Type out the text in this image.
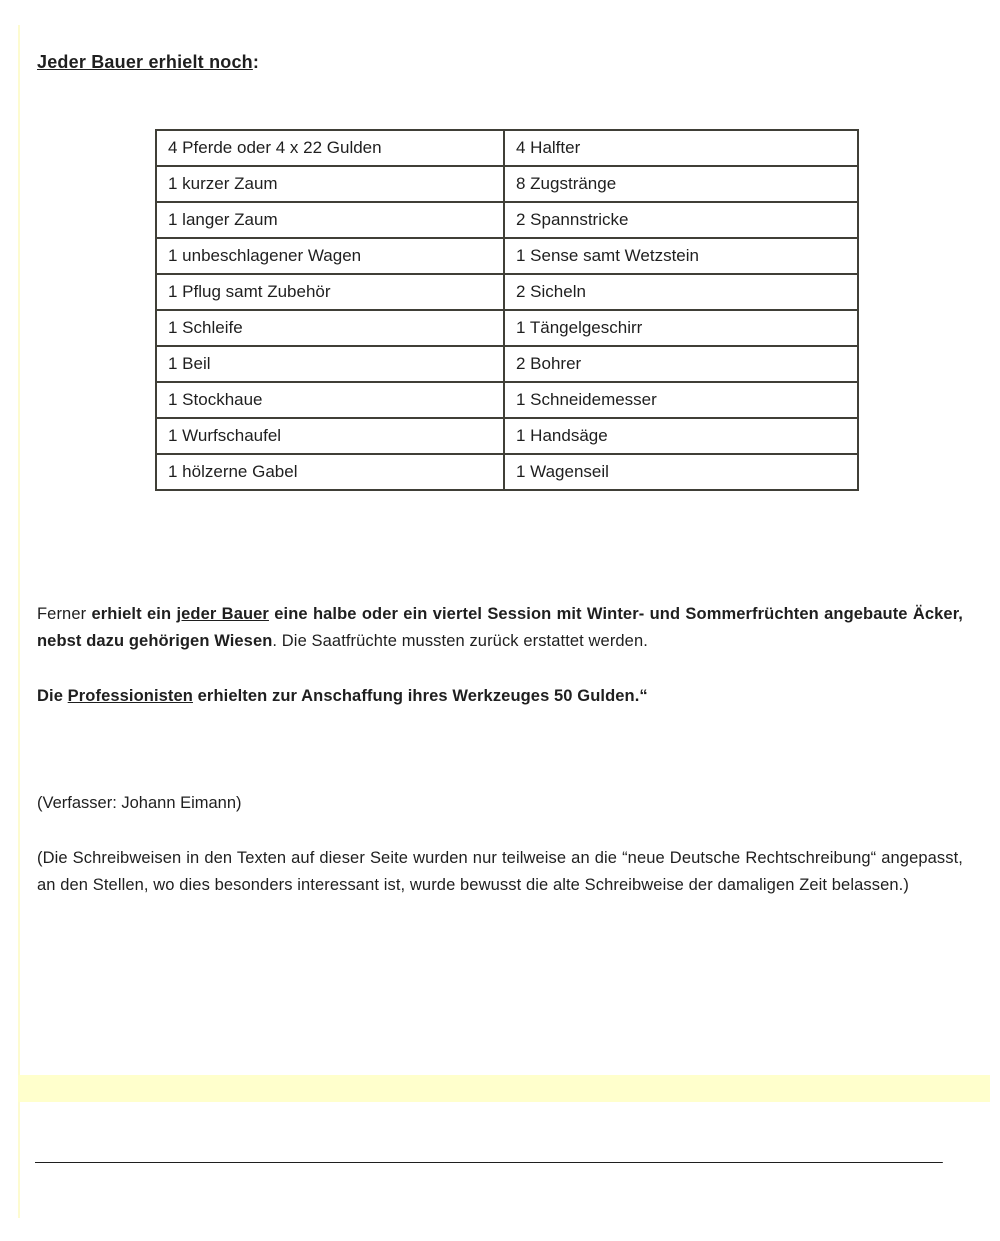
Jeder Bauer erhielt noch:
4 Pferde oder 4 x 22 Gulden	4 Halfter
1 kurzer Zaum	8 Zugstränge
1 langer Zaum	2 Spannstricke
1 unbeschlagener Wagen	1 Sense samt Wetzstein
1 Pflug samt Zubehör	2 Sicheln
1 Schleife	1 Tängelgeschirr
1 Beil	2 Bohrer
1 Stockhaue	1 Schneidemesser
1 Wurfschaufel	1 Handsäge
1 hölzerne Gabel	1 Wagenseil
Ferner erhielt ein jeder Bauer eine halbe oder ein viertel Session mit Winter- und Sommerfrüchten angebaute Äcker, nebst dazu gehörigen Wiesen. Die Saatfrüchte mussten zurück erstattet werden.
Die Professionisten erhielten zur Anschaffung ihres Werkzeuges 50 Gulden.“
(Verfasser: Johann Eimann)
(Die Schreibweisen in den Texten auf dieser Seite wurden nur teilweise an die “neue Deutsche Rechtschreibung“ angepasst, an den Stellen, wo dies besonders interessant ist, wurde bewusst die alte Schreibweise der damaligen Zeit belassen.)
______________________________________________________________________________________________________
